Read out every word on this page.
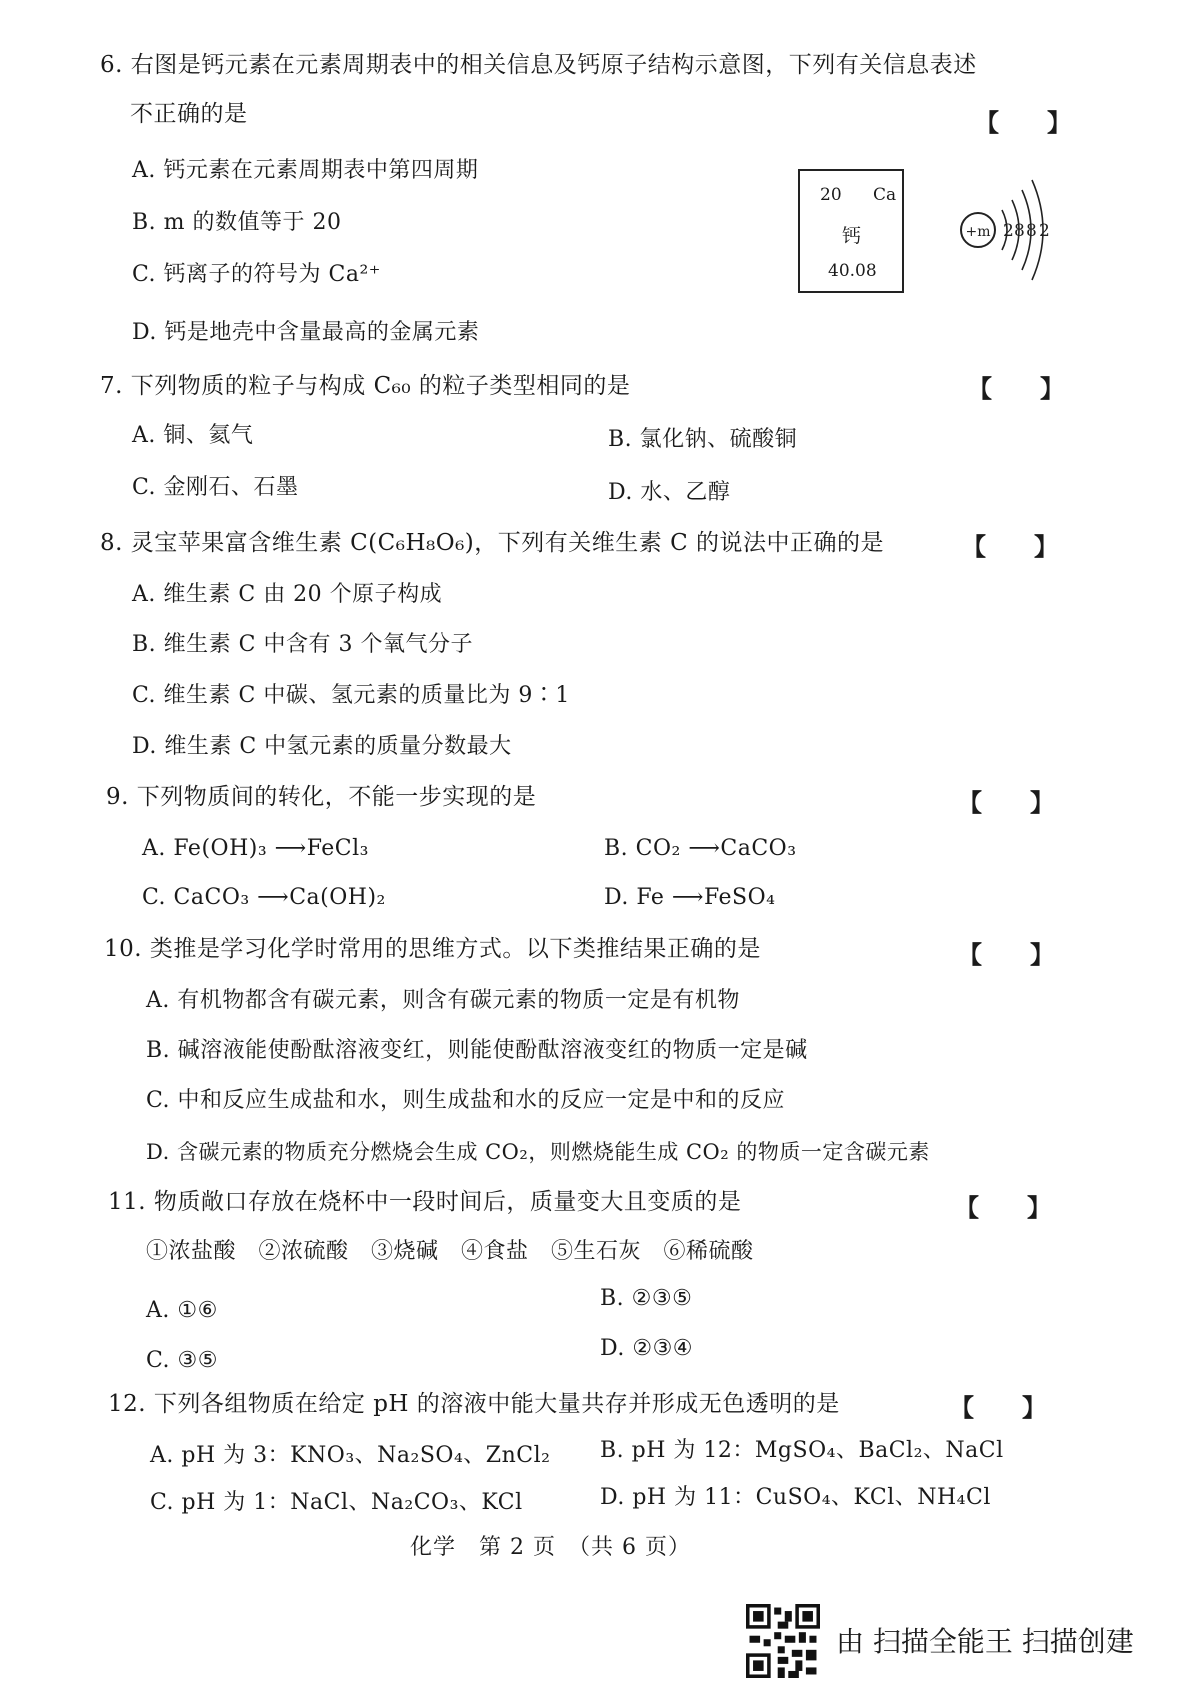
6. 右图是钙元素在元素周期表中的相关信息及钙原子结构示意图，下列有关信息表述
不正确的是	【　　】
A. 钙元素在元素周期表中第四周期
B. m 的数值等于 20
C. 钙离子的符号为 Ca²⁺
D. 钙是地壳中含量最高的金属元素
20 Ca
钙
40.08
+m 2 8 8 2
7. 下列物质的粒子与构成 C₆₀ 的粒子类型相同的是	【　　】
A. 铜、氦气	B. 氯化钠、硫酸铜
C. 金刚石、石墨	D. 水、乙醇
8. 灵宝苹果富含维生素 C(C₆H₈O₆)，下列有关维生素 C 的说法中正确的是	【　　】
A. 维生素 C 由 20 个原子构成
B. 维生素 C 中含有 3 个氧气分子
C. 维生素 C 中碳、氢元素的质量比为 9∶1
D. 维生素 C 中氢元素的质量分数最大
9. 下列物质间的转化，不能一步实现的是	【　　】
A. Fe(OH)₃ ⟶FeCl₃	B. CO₂ ⟶CaCO₃
C. CaCO₃ ⟶Ca(OH)₂	D. Fe ⟶FeSO₄
10. 类推是学习化学时常用的思维方式。以下类推结果正确的是	【　　】
A. 有机物都含有碳元素，则含有碳元素的物质一定是有机物
B. 碱溶液能使酚酞溶液变红，则能使酚酞溶液变红的物质一定是碱
C. 中和反应生成盐和水，则生成盐和水的反应一定是中和的反应
D. 含碳元素的物质充分燃烧会生成 CO₂，则燃烧能生成 CO₂ 的物质一定含碳元素
11. 物质敞口存放在烧杯中一段时间后，质量变大且变质的是	【　　】
①浓盐酸　②浓硫酸　③烧碱　④食盐　⑤生石灰　⑥稀硫酸
A. ①⑥	B. ②③⑤
C. ③⑤	D. ②③④
12. 下列各组物质在给定 pH 的溶液中能大量共存并形成无色透明的是	【　　】
A. pH 为 3：KNO₃、Na₂SO₄、ZnCl₂ B. pH 为 12：MgSO₄、BaCl₂、NaCl
C. pH 为 1：NaCl、Na₂CO₃、KCl	D. pH 为 11：CuSO₄、KCl、NH₄Cl
化学　第 2 页　（共 6 页）
由 扫描全能王 扫描创建
